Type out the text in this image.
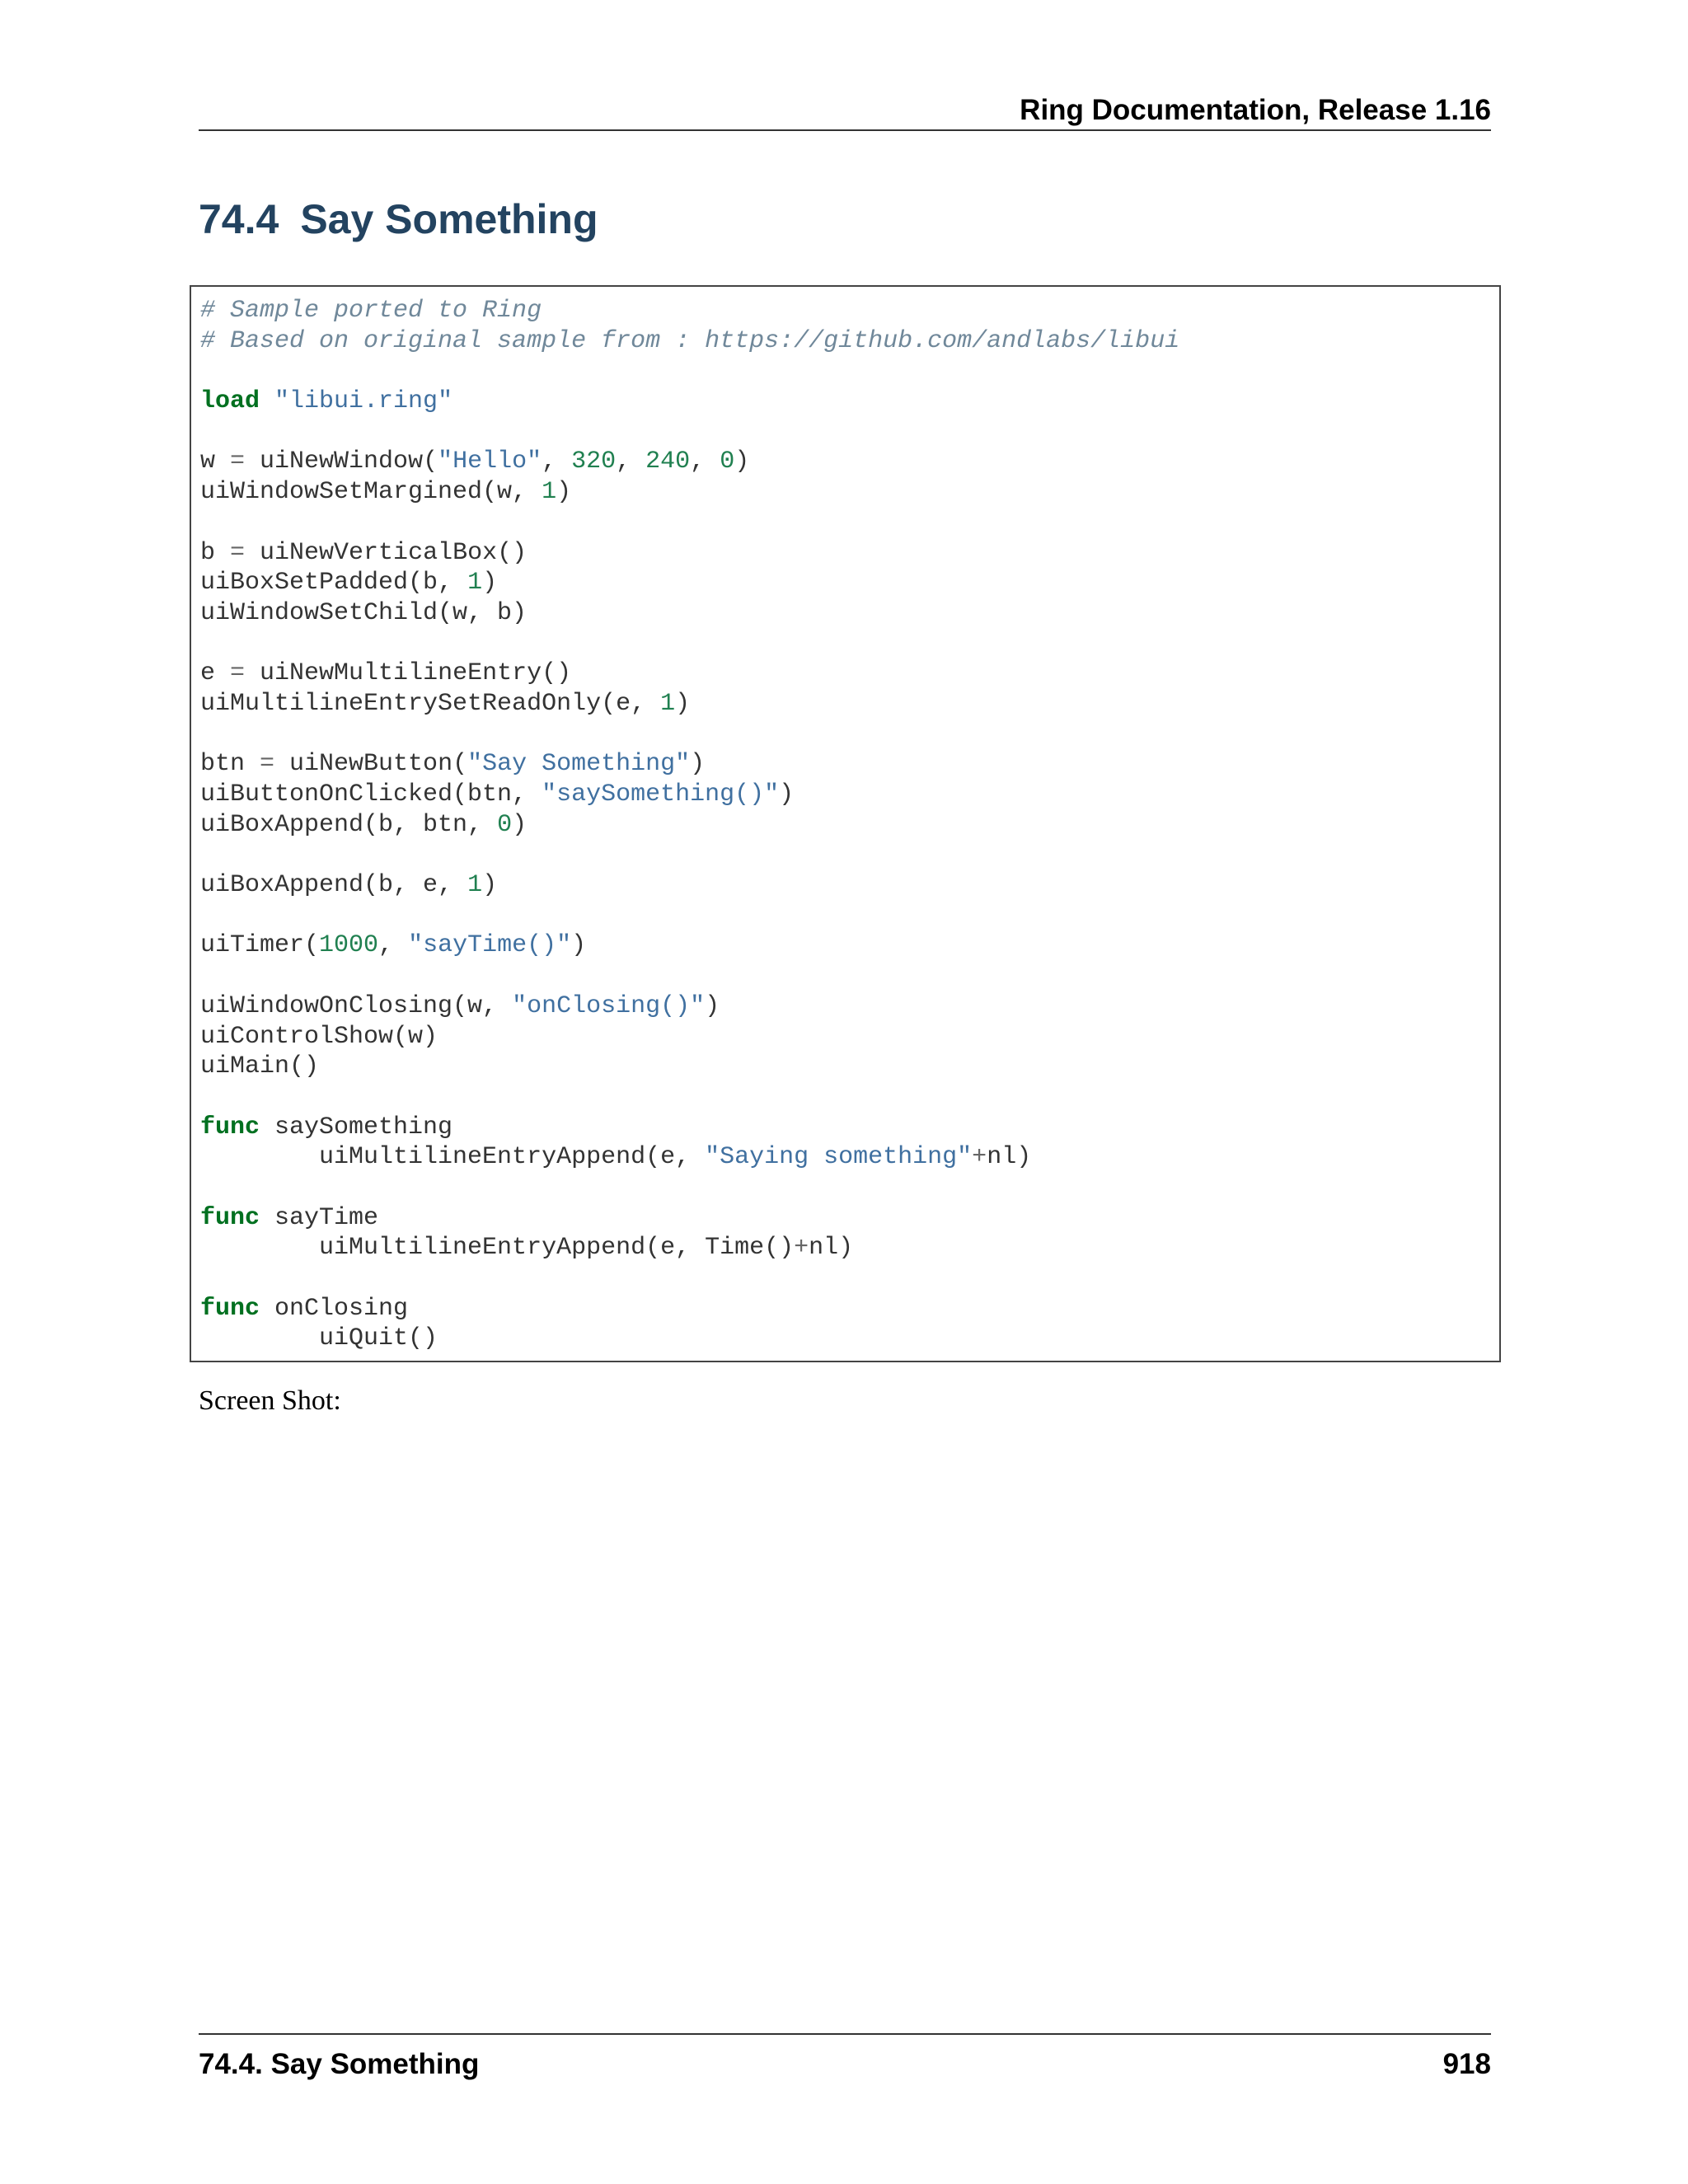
Ring Documentation, Release 1.16
74.4 Say Something
# Sample ported to Ring
# Based on original sample from : https://github.com/andlabs/libui
load "libui.ring"
w = uiNewWindow("Hello", 320, 240, 0)
uiWindowSetMargined(w, 1)
b = uiNewVerticalBox()
uiBoxSetPadded(b, 1)
uiWindowSetChild(w, b)
e = uiNewMultilineEntry()
uiMultilineEntrySetReadOnly(e, 1)
btn = uiNewButton("Say Something")
uiButtonOnClicked(btn, "saySomething()")
uiBoxAppend(b, btn, 0)
uiBoxAppend(b, e, 1)
uiTimer(1000, "sayTime()")
uiWindowOnClosing(w, "onClosing()")
uiControlShow(w)
uiMain()
func saySomething
uiMultilineEntryAppend(e, "Saying something"+nl)
func sayTime
uiMultilineEntryAppend(e, Time()+nl)
func onClosing
uiQuit()
Screen Shot:
74.4. Say Something	918
